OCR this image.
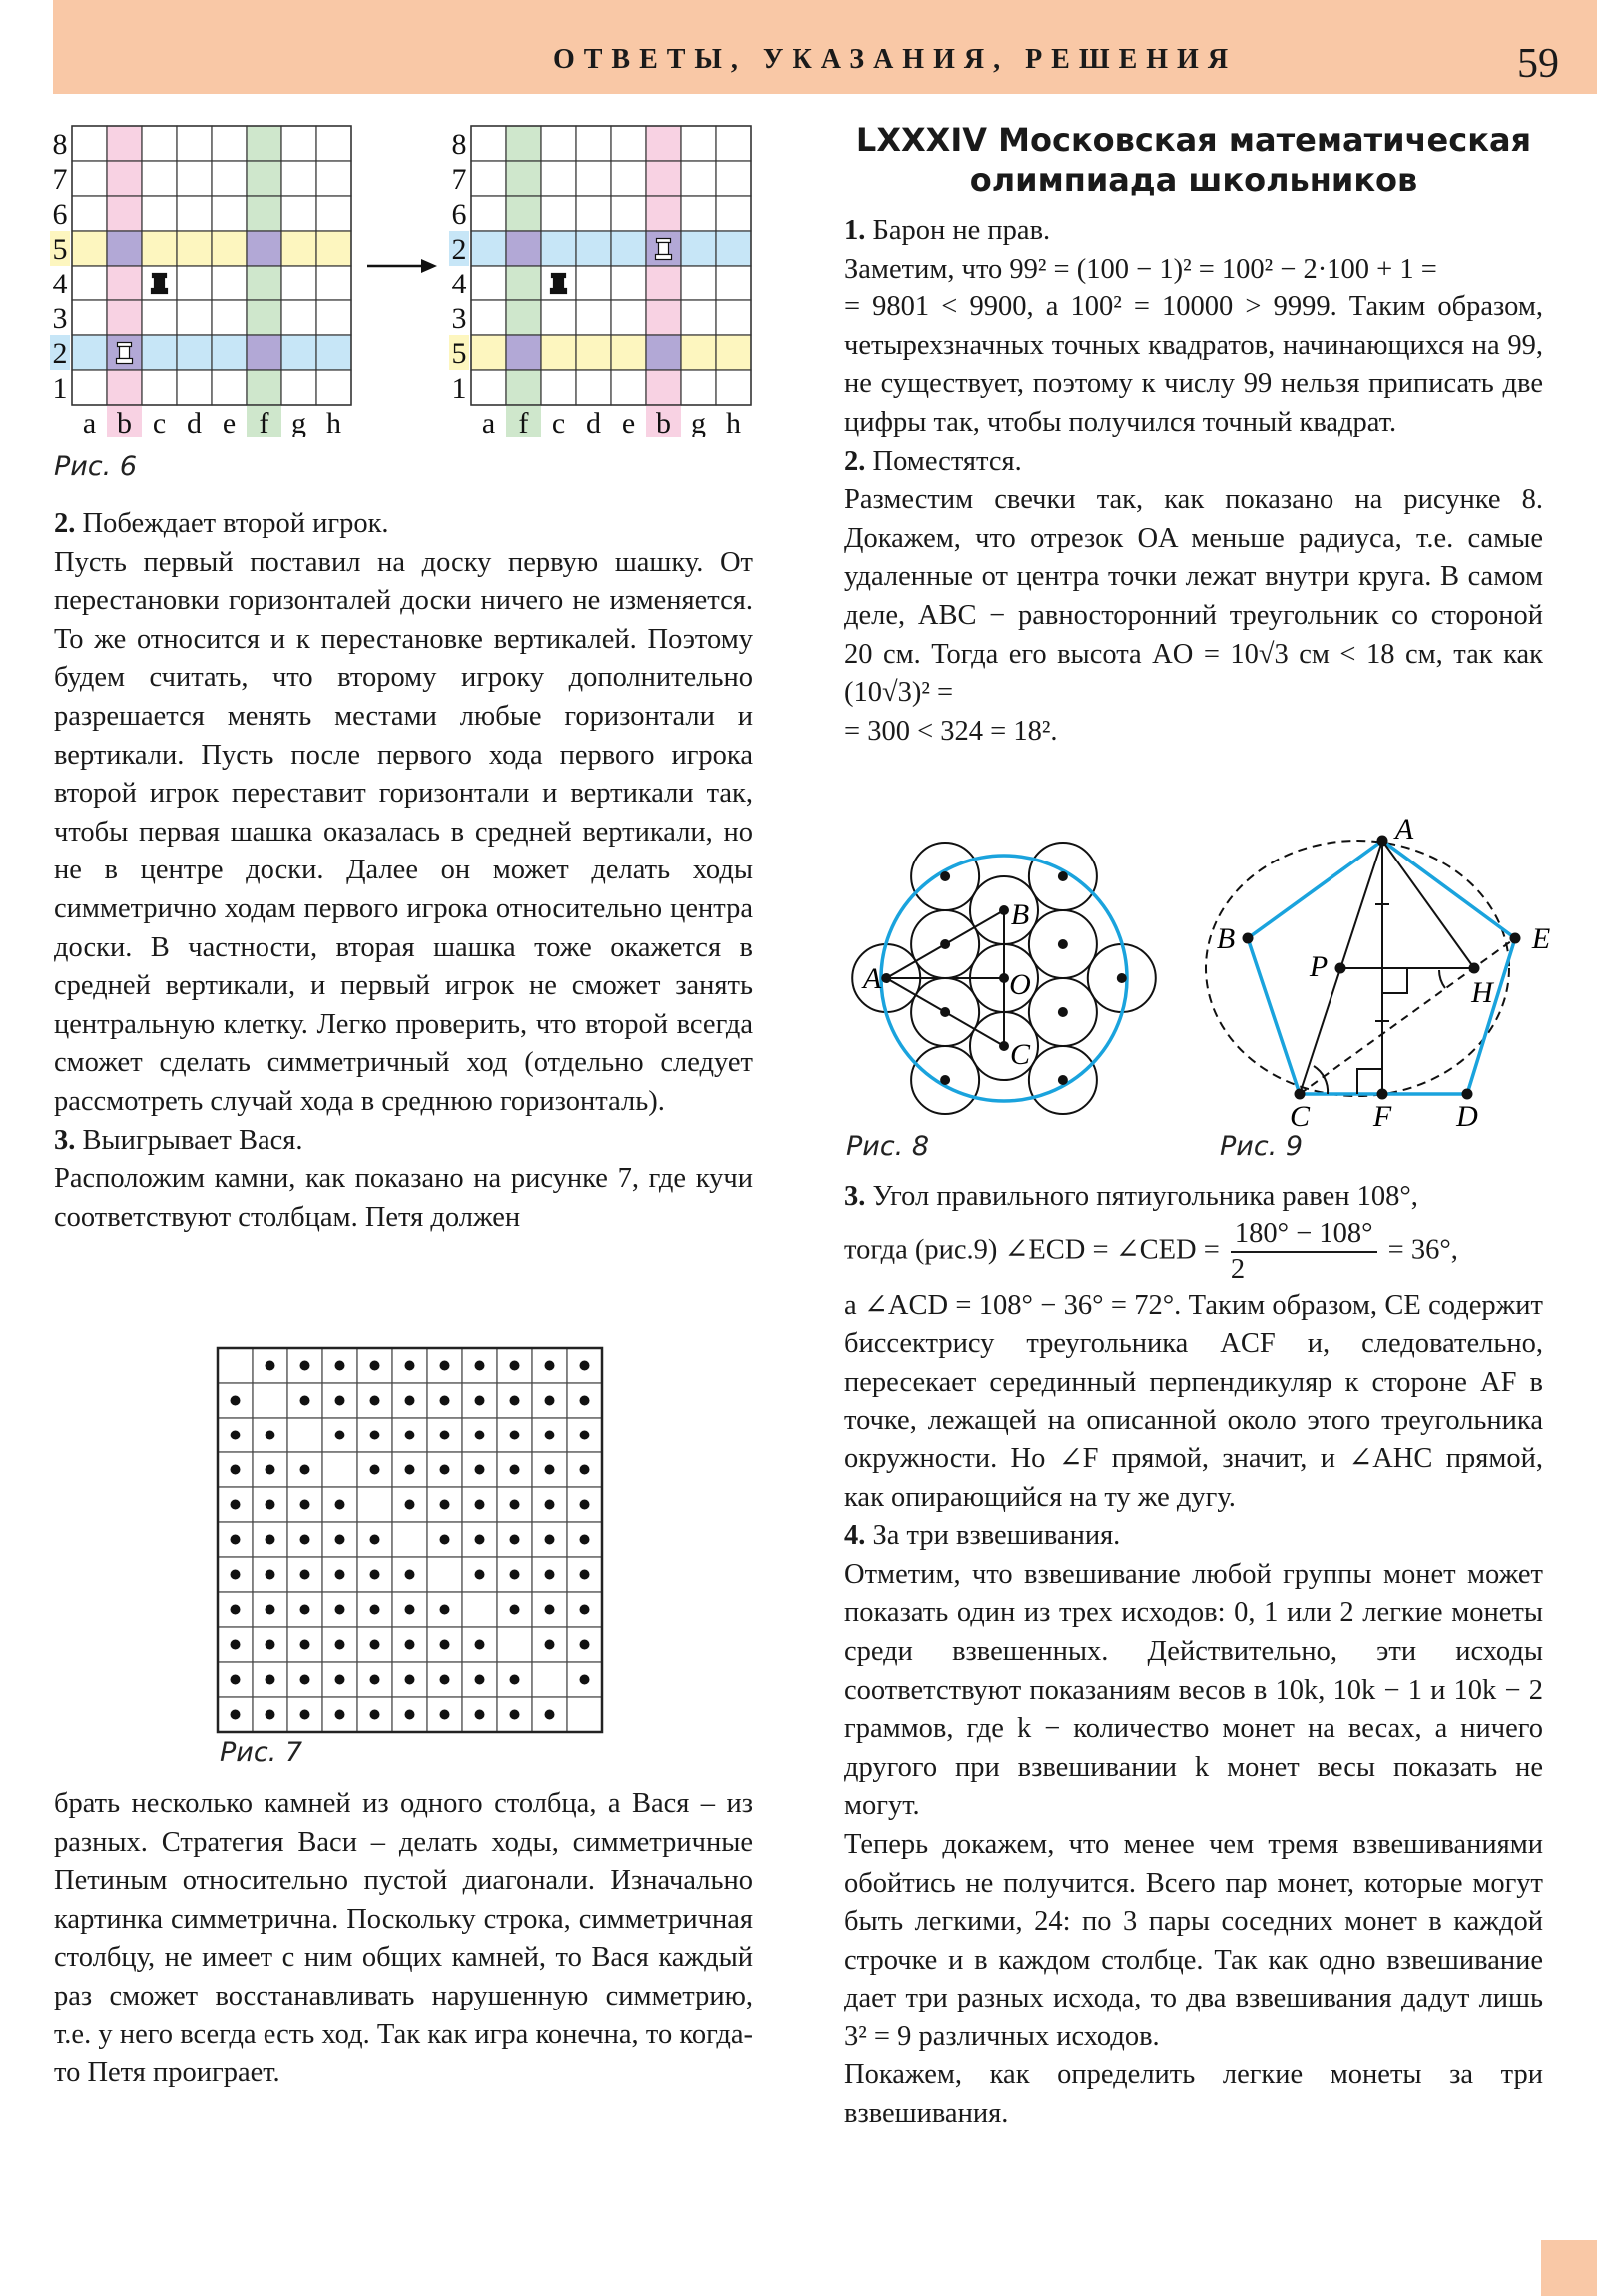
ОТВЕТЫ, УКАЗАНИЯ, РЕШЕНИЯ	59
8
7
6
5
4
3
2
1
a b c d e f g h
8
7
6
2
4
3
5
1
a f c d e b g h
Рис. 6

2. Побеждает второй игрок.

Пусть первый поставил на доску первую шашку. От перестановки горизонталей доски ничего не изменяется. То же относится и к перестановке вертикалей. Поэтому будем считать, что второму игроку дополнительно разрешается менять местами любые горизонтали и вертикали. Пусть после первого хода первого игрока второй игрок переставит горизонтали и вертикали так, чтобы первая шашка оказалась в средней вертикали, но не в центре доски. Далее он может делать ходы симметрично ходам первого игрока относительно центра доски. В частности, вторая шашка тоже окажется в средней вертикали, и первый игрок не сможет занять центральную клетку. Легко проверить, что второй всегда сможет сделать симметричный ход (отдельно следует рассмотреть случай хода в среднюю горизонталь).

3. Выигрывает Вася.

Расположим камни, как показано на рисунке 7, где кучи соответствуют столбцам. Петя должен

Рис. 7

брать несколько камней из одного столбца, а Вася – из разных. Стратегия Васи – делать ходы, симметричные Петиным относительно пустой диагонали. Изначально картинка симметрична. Поскольку строка, симметричная столбцу, не имеет с ним общих камней, то Вася каждый раз сможет восстанавливать нарушенную симметрию, т.е. у него всегда есть ход. Так как игра конечна, то когда-то Петя проиграет.

LXXXIV Московская математическая олимпиада школьников

1. Барон не прав.

Заметим, что 99² = (100 − 1)² = 100² − 2·100 + 1 =

= 9801 < 9900, а 100² = 10000 > 9999. Таким образом, четырехзначных точных квадратов, начинающихся на 99, не существует, поэтому к числу 99 нельзя приписать две цифры так, чтобы получился точный квадрат.

2. Поместятся.

Разместим свечки так, как показано на рисунке 8. Докажем, что отрезок OA меньше радиуса, т.е. самые удаленные от центра точки лежат внутри круга. В самом деле, ABC − равносторонний треугольник со стороной 20 см. Тогда его высота AO = 10√3 см < 18 см, так как (10√3)² =

= 300 < 324 = 18².

A
B
O
C
Рис. 8
A
B	E
P
H
C F D
Рис. 9

3. Угол правильного пятиугольника равен 108°,

тогда (рис.9) ∠ECD = ∠CED = $\frac{180^\circ - 108^\circ}{2} = 36^\circ$,

а ∠ACD = 108° − 36° = 72°. Таким образом, CE содержит биссектрису треугольника ACF и, следовательно, пересекает серединный перпендикуляр к стороне AF в точке, лежащей на описанной около этого треугольника окружности. Но ∠F прямой, значит, и ∠AHC прямой, как опирающийся на ту же дугу.

4. За три взвешивания.

Отметим, что взвешивание любой группы монет может показать один из трех исходов: 0, 1 или 2 легкие монеты среди взвешенных. Действительно, эти исходы соответствуют показаниям весов в 10k, 10k − 1 и 10k − 2 граммов, где k − количество монет на весах, а ничего другого при взвешивании k монет весы показать не могут.

Теперь докажем, что менее чем тремя взвешиваниями обойтись не получится. Всего пар монет, которые могут быть легкими, 24: по 3 пары соседних монет в каждой строчке и в каждом столбце. Так как одно взвешивание дает три разных исхода, то два взвешивания дадут лишь 3² = 9 различных исходов.

Покажем, как определить легкие монеты за три взвешивания.
